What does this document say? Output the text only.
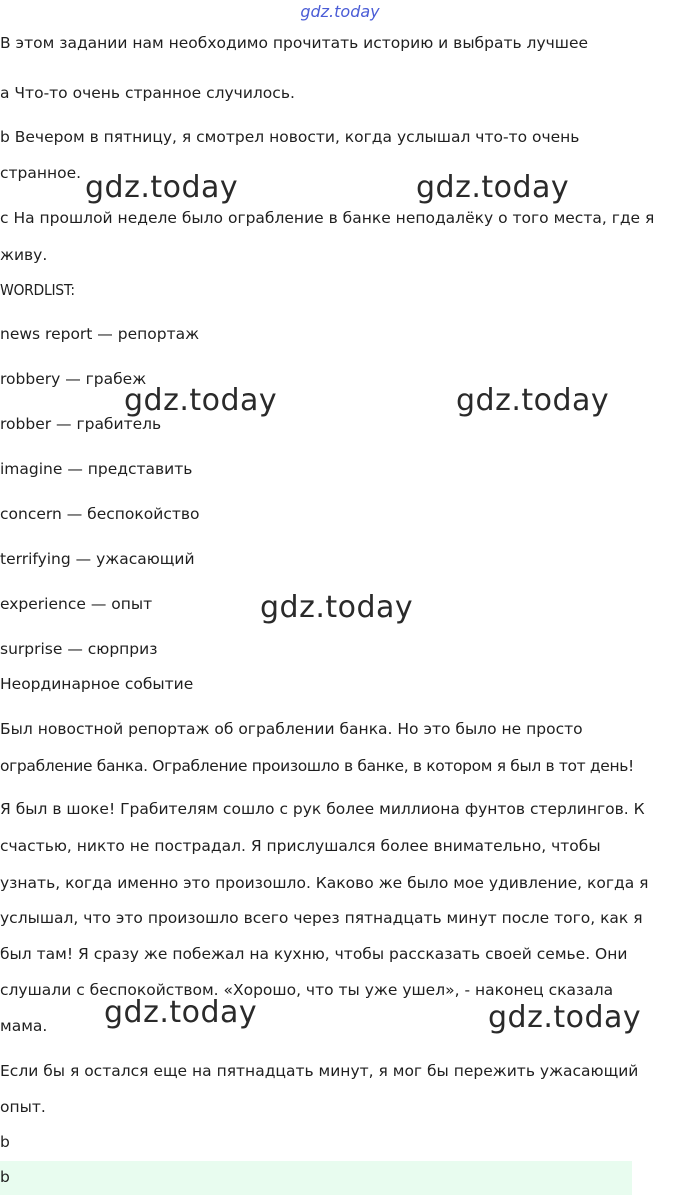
gdz.today
В этом задании нам необходимо прочитать историю и выбрать лучшее
a Что-то очень странное случилось.
b Вечером в пятницу, я смотрел новости, когда услышал что-то очень
странное.
c На прошлой неделе было ограбление в банке неподалёку о того места, где я
живу.
WORDLIST:
news report — репортаж
robbery — грабеж
robber — грабитель
imagine — представить
concern — беспокойство
terrifying — ужасающий
experience — опыт
surprise — сюрприз
Неординарное событие
Был новостной репортаж об ограблении банка. Но это было не просто
ограбление банка. Ограбление произошло в банке, в котором я был в тот день!
Я был в шоке! Грабителям сошло с рук более миллиона фунтов стерлингов. К
счастью, никто не пострадал. Я прислушался более внимательно, чтобы
узнать, когда именно это произошло. Каково же было мое удивление, когда я
услышал, что это произошло всего через пятнадцать минут после того, как я
был там! Я сразу же побежал на кухню, чтобы рассказать своей семье. Они
слушали с беспокойством. «Хорошо, что ты уже ушел», - наконец сказала
мама.
Если бы я остался еще на пятнадцать минут, я мог бы пережить ужасающий
опыт.
b
b
gdz.today	gdz.today
gdz.today	gdz.today
gdz.today
gdz.today	gdz.today
